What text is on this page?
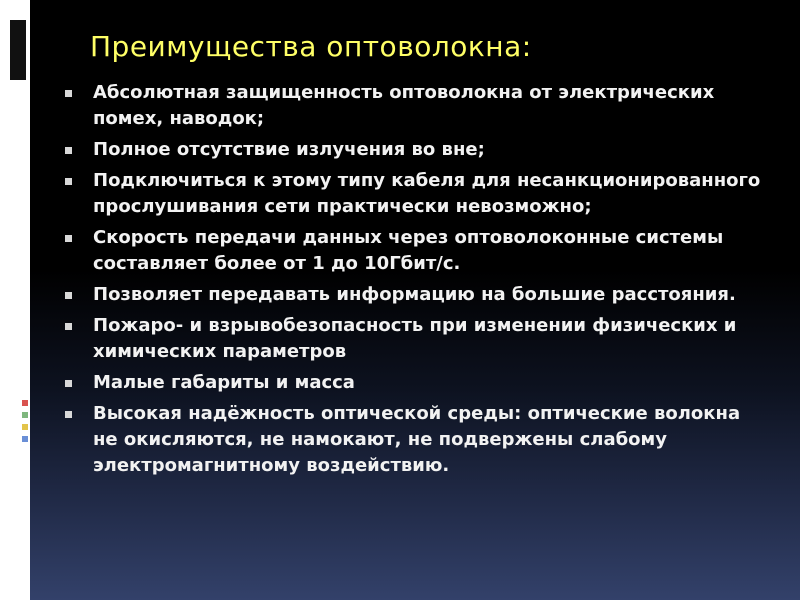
Преимущества оптоволокна:
Абсолютная защищенность оптоволокна от электрических помех, наводок;
Полное отсутствие излучения во вне;
Подключиться к этому типу кабеля для несанкционированного прослушивания сети практически невозможно;
Скорость передачи данных через оптоволоконные системы составляет более от 1 до 10Гбит/с.
Позволяет передавать информацию на большие расстояния.
Пожаро- и взрывобезопасность при изменении физических и химических параметров
Малые габариты и масса
Высокая надёжность оптической среды: оптические волокна не окисляются, не намокают, не подвержены слабому электромагнитному воздействию.
